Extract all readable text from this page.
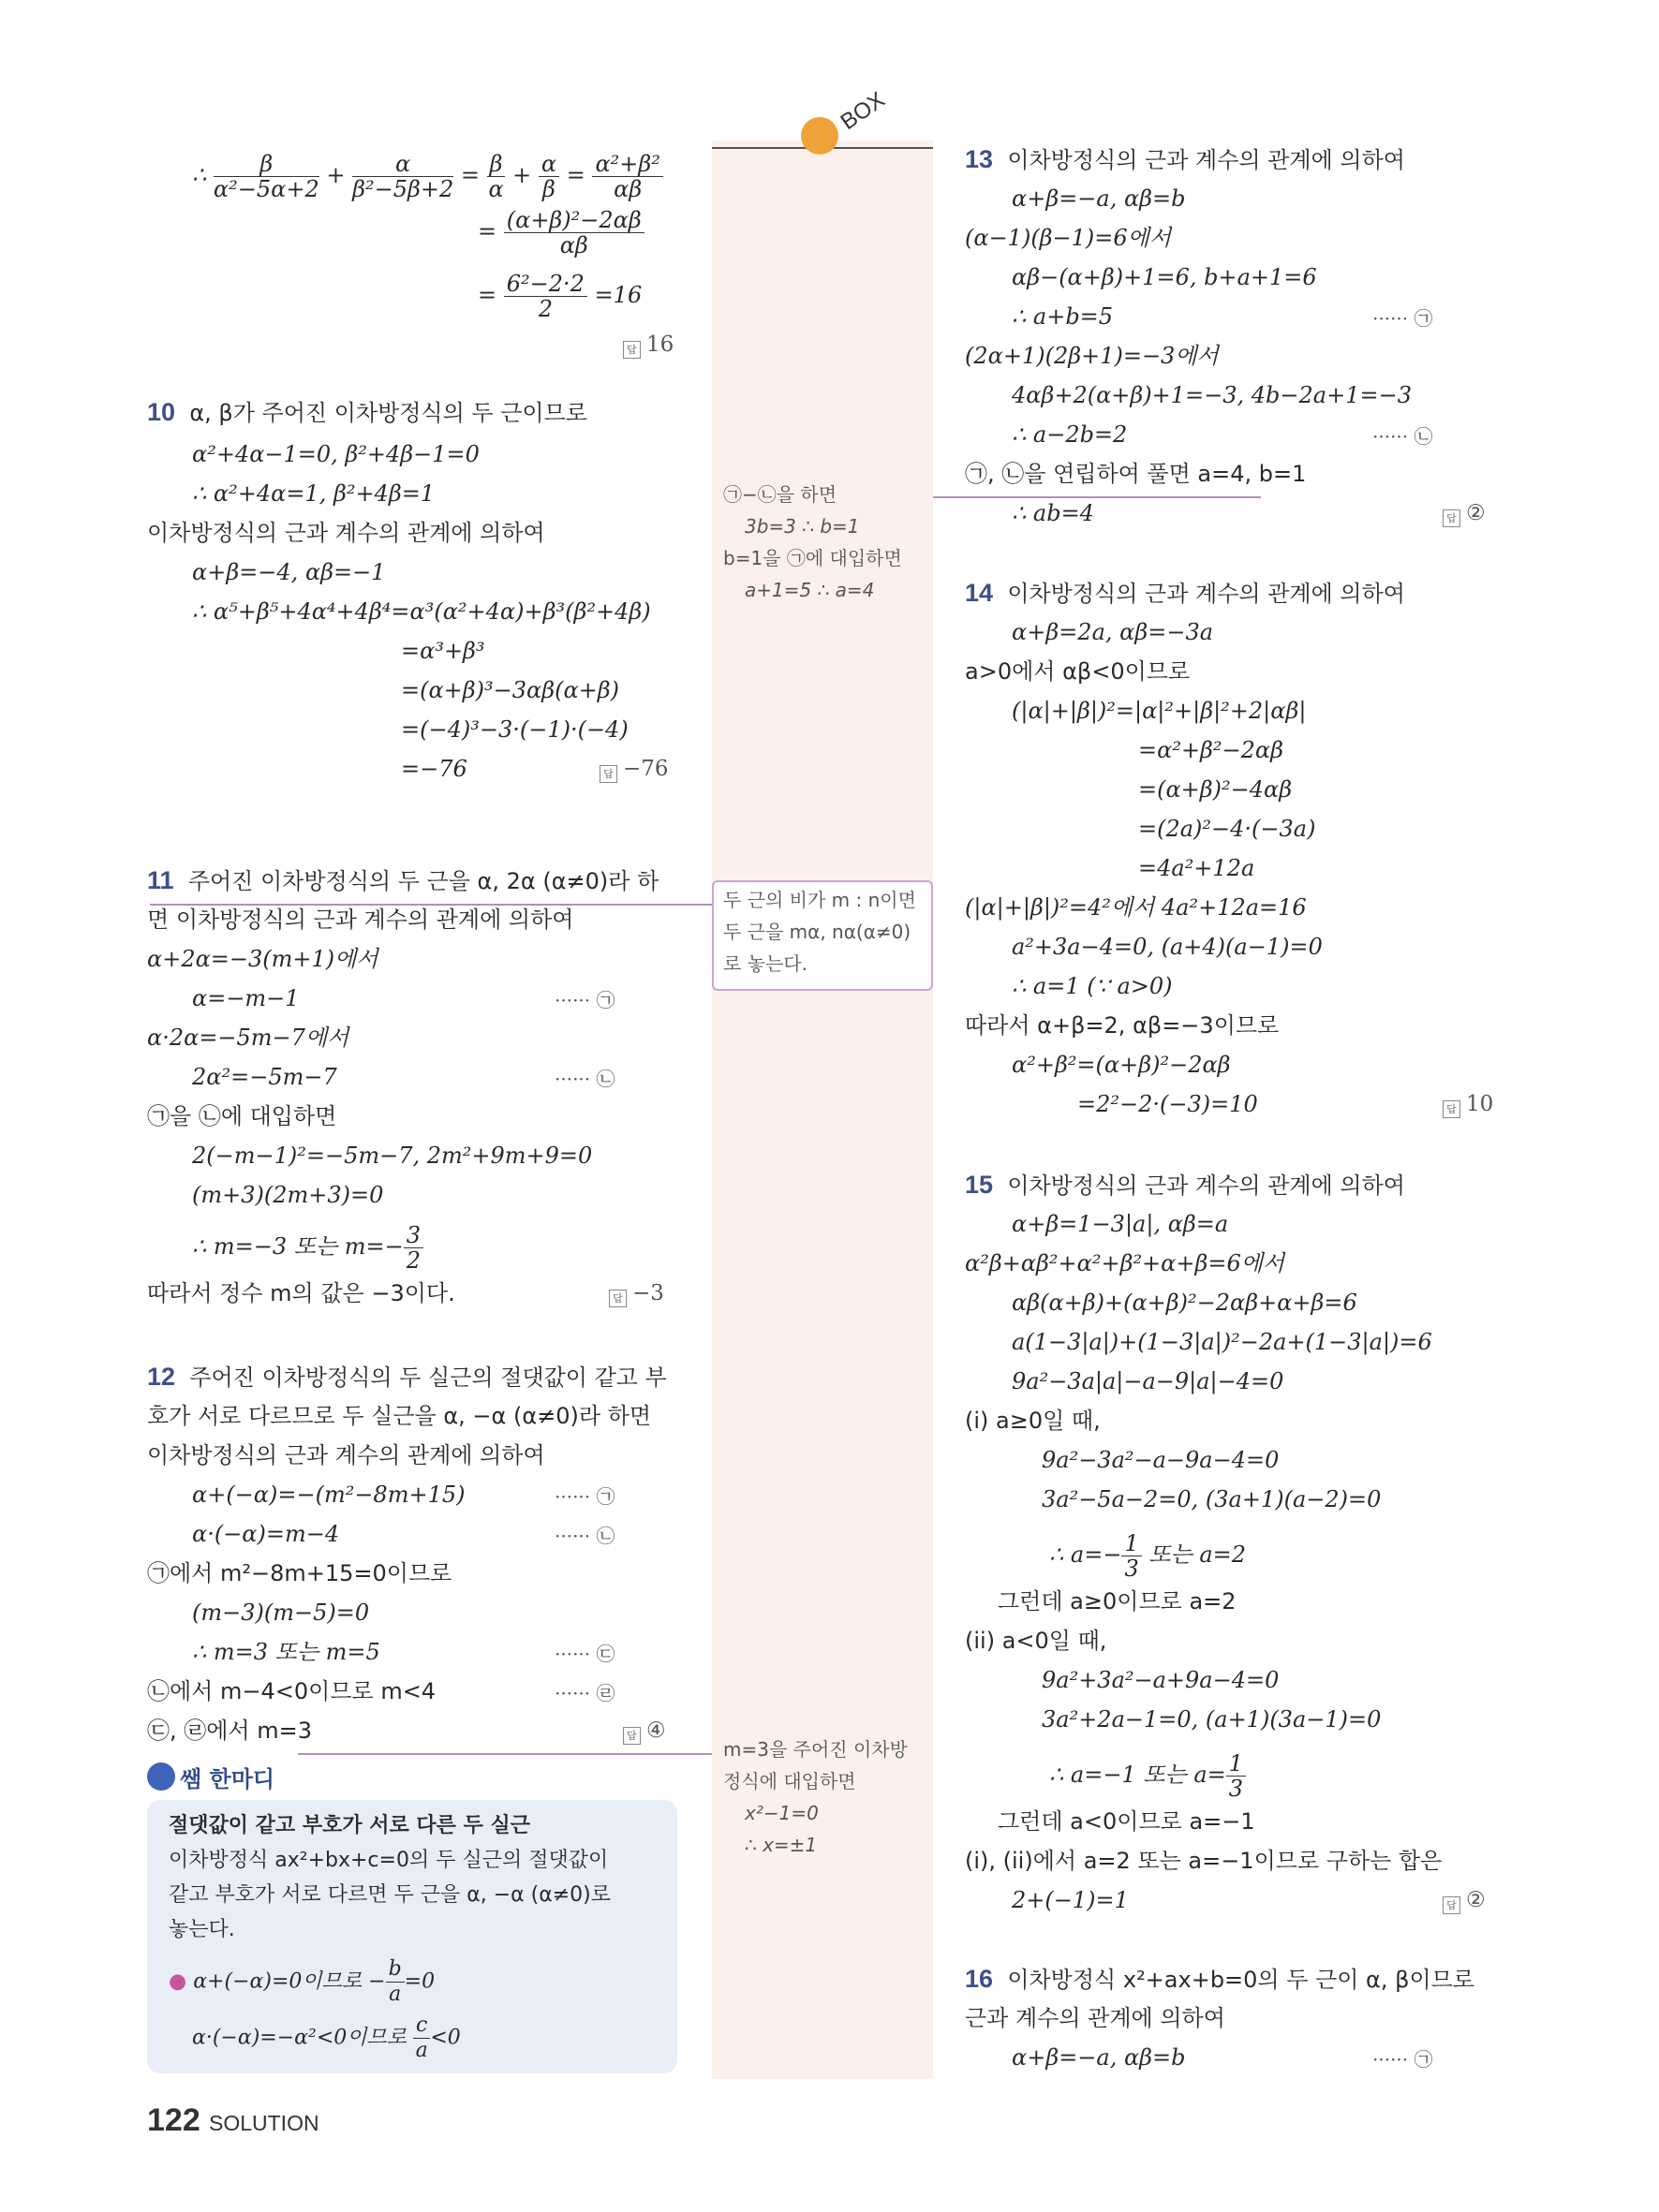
BOX
∴ $\frac{\beta}{\text{α²−5α+2}} + \frac{\alpha}{\text{β²−5β+2}} = \frac{\beta}{\alpha} + \frac{\alpha}{\beta} = \frac{\text{α²+β²}}{\alpha\beta}$
= $\frac{\text{(α+β)²−2αβ}}{\alpha\beta}$
= $\frac{\text{6²−2·2}}{2} =16$
답 16
10 α, β가 주어진 이차방정식의 두 근이므로
α²+4α−1=0, β²+4β−1=0
∴ α²+4α=1, β²+4β=1
이차방정식의 근과 계수의 관계에 의하여
α+β=−4, αβ=−1
∴ α⁵+β⁵+4α⁴+4β⁴=α³(α²+4α)+β³(β²+4β)
=α³+β³
=(α+β)³−3αβ(α+β)
=(−4)³−3·(−1)·(−4)
=−76	답 −76
㉠−㉡을 하면
3b=3 ∴ b=1
b=1을 ㉠에 대입하면
a+1=5 ∴ a=4
11 주어진 이차방정식의 두 근을 α, 2α (α≠0)라 하
면 이차방정식의 근과 계수의 관계에 의하여
α+2α=−3(m+1)에서
α=−m−1	······ ㉠
α·2α=−5m−7에서
2α²=−5m−7	······ ㉡
㉠을 ㉡에 대입하면
2(−m−1)²=−5m−7, 2m²+9m+9=0
(m+3)(2m+3)=0
∴ m=−3 또는 $m=- \frac{3}{2}$
따라서 정수 m의 값은 −3이다.	답 −3
두 근의 비가 m : n이면
두 근을 mα, nα(α≠0)
로 놓는다.
12 주어진 이차방정식의 두 실근의 절댓값이 같고 부
호가 서로 다르므로 두 실근을 α, −α (α≠0)라 하면
이차방정식의 근과 계수의 관계에 의하여
α+(−α)=−(m²−8m+15)	······ ㉠
α·(−α)=m−4	······ ㉡
㉠에서 m²−8m+15=0이므로
(m−3)(m−5)=0
∴ m=3 또는 m=5	······ ㉢
㉡에서 m−4<0이므로 m<4	······ ㉣
㉢, ㉣에서 m=3	답 ④
m=3을 주어진 이차방
정식에 대입하면
x²−1=0
∴ x=±1
쌤 한마디
절댓값이 같고 부호가 서로 다른 두 실근
이차방정식 ax²+bx+c=0의 두 실근의 절댓값이
같고 부호가 서로 다르면 두 근을 α, −α (α≠0)로
놓는다.
● α+(−α)=0이므로 − $\frac{b}{a} =0$
α·(−α)=−α²<0이므로 $\frac{c}{a} <0$
13 이차방정식의 근과 계수의 관계에 의하여
α+β=−a, αβ=b
(α−1)(β−1)=6에서
αβ−(α+β)+1=6, b+a+1=6
∴ a+b=5	······ ㉠
(2α+1)(2β+1)=−3에서
4αβ+2(α+β)+1=−3, 4b−2a+1=−3
∴ a−2b=2	······ ㉡
㉠, ㉡을 연립하여 풀면 a=4, b=1
∴ ab=4	답 ②
14 이차방정식의 근과 계수의 관계에 의하여
α+β=2a, αβ=−3a
a>0에서 αβ<0이므로
(|α|+|β|)²=|α|²+|β|²+2|αβ|
=α²+β²−2αβ
=(α+β)²−4αβ
=(2a)²−4·(−3a)
=4a²+12a
(|α|+|β|)²=4²에서 4a²+12a=16
a²+3a−4=0, (a+4)(a−1)=0
∴ a=1 (∵ a>0)
따라서 α+β=2, αβ=−3이므로
α²+β²=(α+β)²−2αβ
=2²−2·(−3)=10	답 10
15 이차방정식의 근과 계수의 관계에 의하여
α+β=1−3|a|, αβ=a
α²β+αβ²+α²+β²+α+β=6에서
αβ(α+β)+(α+β)²−2αβ+α+β=6
a(1−3|a|)+(1−3|a|)²−2a+(1−3|a|)=6
9a²−3a|a|−a−9|a|−4=0
(i) a≥0일 때,
9a²−3a²−a−9a−4=0
3a²−5a−2=0, (3a+1)(a−2)=0
∴ $a=- \frac{1}{3}$ 또는 a=2
그런데 a≥0이므로 a=2
(ii) a<0일 때,
9a²+3a²−a+9a−4=0
3a²+2a−1=0, (a+1)(3a−1)=0
∴ a=−1 또는 $a= \frac{1}{3}$
그런데 a<0이므로 a=−1
(i), (ii)에서 a=2 또는 a=−1이므로 구하는 합은
2+(−1)=1	답 ②
16 이차방정식 x²+ax+b=0의 두 근이 α, β이므로
근과 계수의 관계에 의하여
α+β=−a, αβ=b	······ ㉠
122 SOLUTION
